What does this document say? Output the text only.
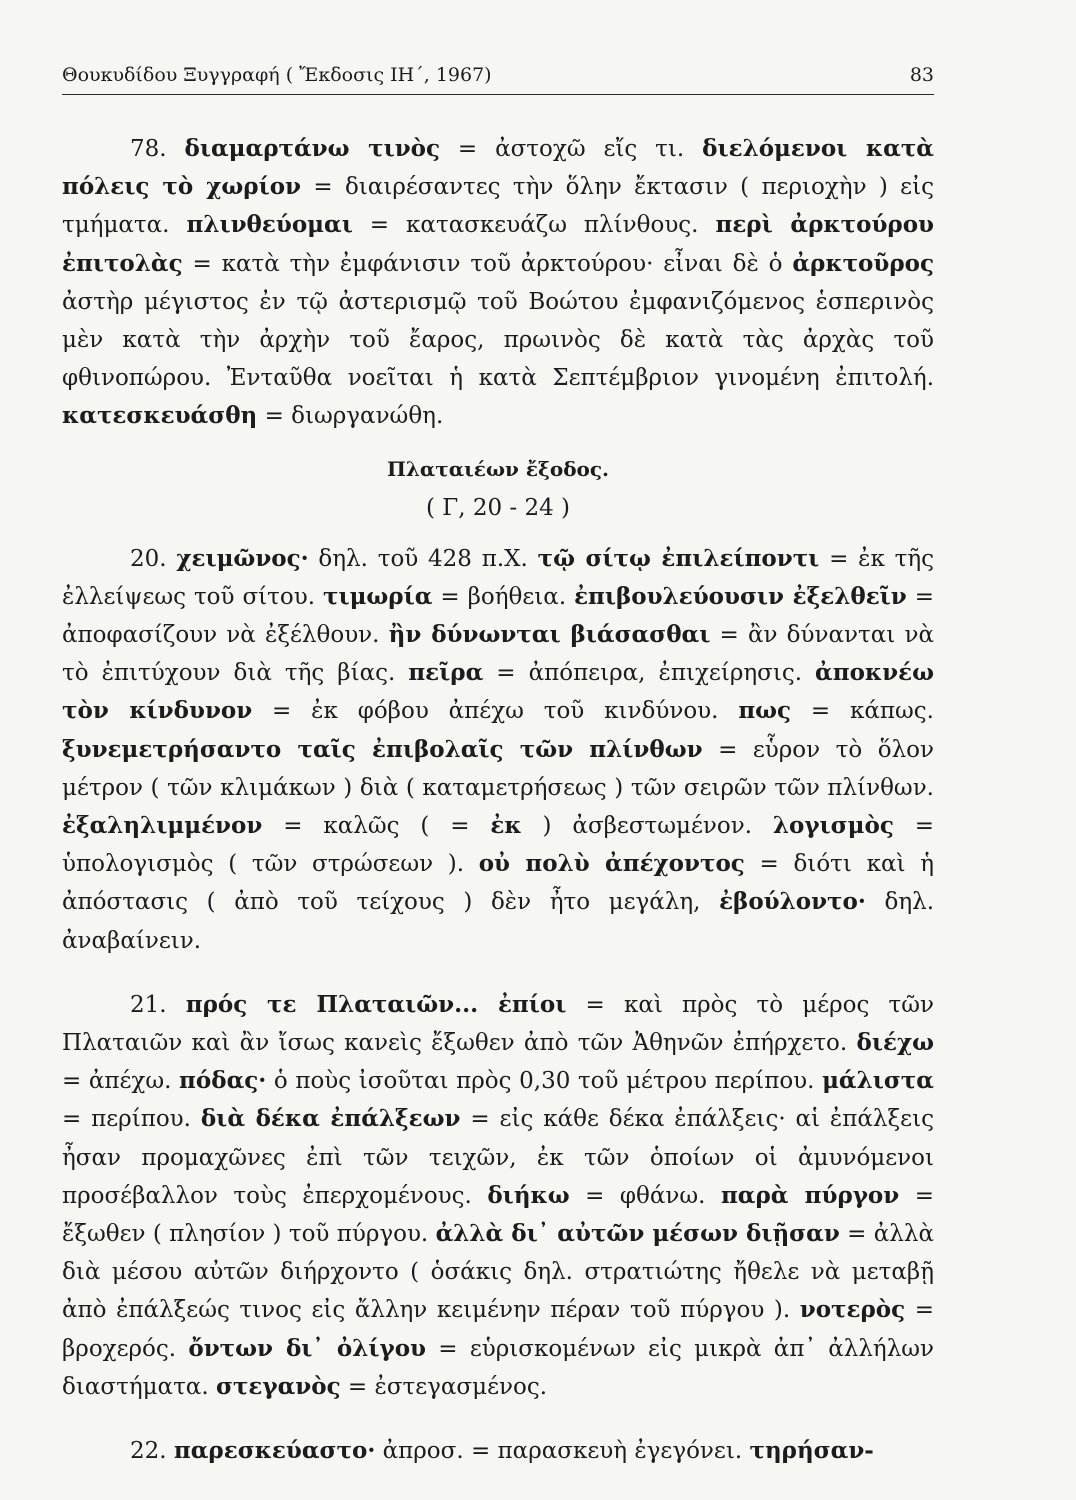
Θουκυδίδου Ξυγγραφή ( Ἔκδοσις ΙΗ΄, 1967)	83

78. διαμαρτάνω τινὸς = ἀστοχῶ εἴς τι. διελόμενοι κατὰ πόλεις τὸ χωρίον = διαιρέσαντες τὴν ὅλην ἔκτασιν ( περιοχὴν ) εἰς τμήματα. πλινθεύομαι = κατασκευάζω πλίνθους. περὶ ἀρκτούρου ἐπιτολὰς = κατὰ τὴν ἐμφάνισιν τοῦ ἀρκτούρου· εἶναι δὲ ὁ ἀρκτοῦρος ἀστὴρ μέγιστος ἐν τῷ ἀστερισμῷ τοῦ Βοώτου ἐμφανιζόμενος ἑσπερινὸς μὲν κατὰ τὴν ἀρχὴν τοῦ ἔαρος, πρωινὸς δὲ κατὰ τὰς ἀρχὰς τοῦ φθινοπώρου. Ἐνταῦθα νοεῖται ἡ κατὰ Σεπτέμβριον γινομένη ἐπιτολή. κατεσκευάσθη = διωργανώθη.

Πλαταιέων ἔξοδος.
( Γ, 20 - 24 )

20. χειμῶνος· δηλ. τοῦ 428 π.Χ. τῷ σίτῳ ἐπιλείποντι = ἐκ τῆς ἐλλείψεως τοῦ σίτου. τιμωρία = βοήθεια. ἐπιβουλεύουσιν ἐξελθεῖν = ἀποφασίζουν νὰ ἐξέλθουν. ἢν δύνωνται βιάσασθαι = ἂν δύνανται νὰ τὸ ἐπιτύχουν διὰ τῆς βίας. πεῖρα = ἀπόπειρα, ἐπιχείρησις. ἀποκνέω τὸν κίνδυνον = ἐκ φόβου ἀπέχω τοῦ κινδύνου. πως = κάπως. ξυνεμετρήσαντο ταῖς ἐπιβολαῖς τῶν πλίνθων = εὗρον τὸ ὅλον μέτρον ( τῶν κλιμάκων ) διὰ ( καταμετρήσεως ) τῶν σειρῶν τῶν πλίνθων. ἐξαληλιμμένον = καλῶς ( = ἐκ ) ἀσβεστωμένον. λογισμὸς = ὑπολογισμὸς ( τῶν στρώσεων ). οὐ πολὺ ἀπέχοντος = διότι καὶ ἡ ἀπόστασις ( ἀπὸ τοῦ τείχους ) δὲν ἦτο μεγάλη, ἐβούλοντο· δηλ. ἀναβαίνειν.

21. πρός τε Πλαταιῶν... ἐπίοι = καὶ πρὸς τὸ μέρος τῶν Πλαταιῶν καὶ ἂν ἴσως κανεὶς ἔξωθεν ἀπὸ τῶν Ἀθηνῶν ἐπήρχετο. διέχω = ἀπέχω. πόδας· ὁ ποὺς ἰσοῦται πρὸς 0,30 τοῦ μέτρου περίπου. μάλιστα = περίπου. διὰ δέκα ἐπάλξεων = εἰς κάθε δέκα ἐπάλξεις· αἱ ἐπάλξεις ἦσαν προμαχῶνες ἐπὶ τῶν τειχῶν, ἐκ τῶν ὁποίων οἱ ἀμυνόμενοι προσέβαλλον τοὺς ἐπερχομένους. διήκω = φθάνω. παρὰ πύργον = ἔξωθεν ( πλησίον ) τοῦ πύργου. ἀλλὰ δι᾿ αὐτῶν μέσων διῇσαν = ἀλλὰ διὰ μέσου αὐτῶν διήρχοντο ( ὁσάκις δηλ. στρατιώτης ἤθελε νὰ μεταβῇ ἀπὸ ἐπάλξεώς τινος εἰς ἄλλην κειμένην πέραν τοῦ πύργου ). νοτερὸς = βροχερός. ὄντων δι᾿ ὀλίγου = εὑρισκομένων εἰς μικρὰ ἀπ᾿ ἀλλήλων διαστήματα. στεγανὸς = ἐστεγασμένος.

22. παρεσκεύαστο· ἀπροσ. = παρασκευὴ ἐγεγόνει. τηρήσαν-
